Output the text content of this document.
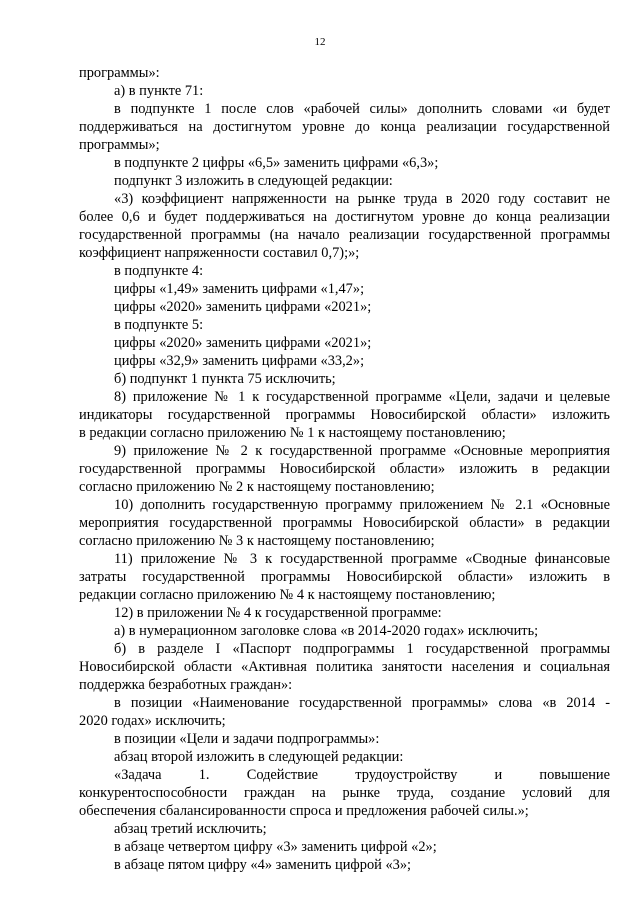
12
программы»:
а) в пункте 71:
в подпункте 1 после слов «рабочей силы» дополнить словами «и будет
поддерживаться на достигнутом уровне до конца реализации государственной
программы»;
в подпункте 2 цифры «6,5» заменить цифрами «6,3»;
подпункт 3 изложить в следующей редакции:
«3) коэффициент напряженности на рынке труда в 2020 году составит не
более 0,6 и будет поддерживаться на достигнутом уровне до конца реализации
государственной программы (на начало реализации государственной программы
коэффициент напряженности составил 0,7);»;
в подпункте 4:
цифры «1,49» заменить цифрами «1,47»;
цифры «2020» заменить цифрами «2021»;
в подпункте 5:
цифры «2020» заменить цифрами «2021»;
цифры «32,9» заменить цифрами «33,2»;
б) подпункт 1 пункта 75 исключить;
8) приложение № 1 к государственной программе «Цели, задачи и целевые
индикаторы государственной программы Новосибирской области» изложить
в редакции согласно приложению № 1 к настоящему постановлению;
9) приложение № 2 к государственной программе «Основные мероприятия
государственной программы Новосибирской области» изложить в редакции
согласно приложению № 2 к настоящему постановлению;
10) дополнить государственную программу приложением № 2.1 «Основные
мероприятия государственной программы Новосибирской области» в редакции
согласно приложению № 3 к настоящему постановлению;
11) приложение № 3 к государственной программе «Сводные финансовые
затраты государственной программы Новосибирской области» изложить в
редакции согласно приложению № 4 к настоящему постановлению;
12) в приложении № 4 к государственной программе:
а) в нумерационном заголовке слова «в 2014-2020 годах» исключить;
б) в разделе I «Паспорт подпрограммы 1 государственной программы
Новосибирской области «Активная политика занятости населения и социальная
поддержка безработных граждан»:
в позиции «Наименование государственной программы» слова «в 2014 -
2020 годах» исключить;
в позиции «Цели и задачи подпрограммы»:
абзац второй изложить в следующей редакции:
«Задача 1. Содействие трудоустройству и повышение
конкурентоспособности граждан на рынке труда, создание условий для
обеспечения сбалансированности спроса и предложения рабочей силы.»;
абзац третий исключить;
в абзаце четвертом цифру «3» заменить цифрой «2»;
в абзаце пятом цифру «4» заменить цифрой «3»;
